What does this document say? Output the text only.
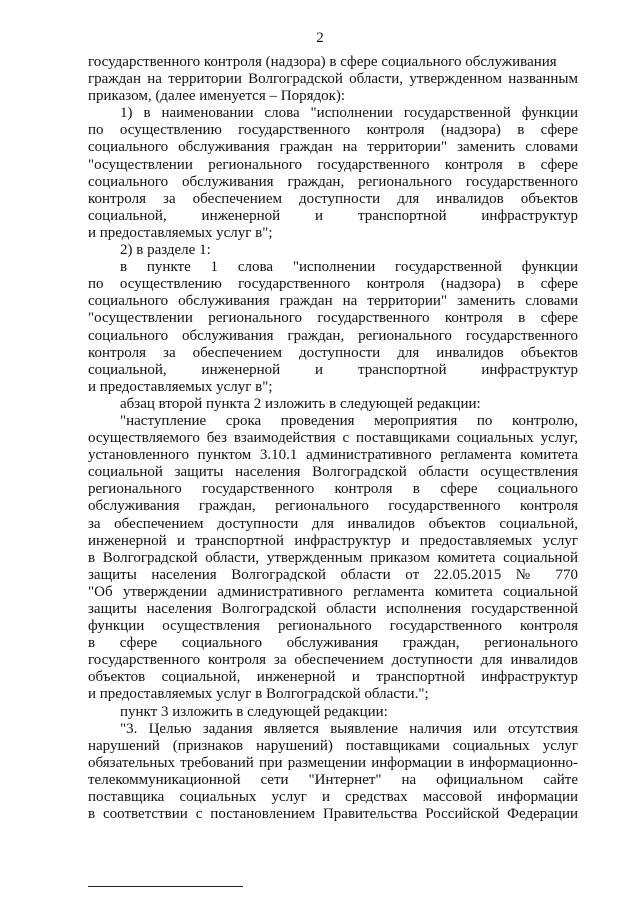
2
государственного контроля (надзора) в сфере социального обслуживания
граждан на территории Волгоградской области, утвержденном названным
приказом, (далее именуется – Порядок):
1) в наименовании слова "исполнении государственной функции
по осуществлению государственного контроля (надзора) в сфере
социального обслуживания граждан на территории" заменить словами
"осуществлении регионального государственного контроля в сфере
социального обслуживания граждан, регионального государственного
контроля за обеспечением доступности для инвалидов объектов
социальной, инженерной и транспортной инфраструктур
и предоставляемых услуг в";
2) в разделе 1:
в пункте 1 слова "исполнении государственной функции
по осуществлению государственного контроля (надзора) в сфере
социального обслуживания граждан на территории" заменить словами
"осуществлении регионального государственного контроля в сфере
социального обслуживания граждан, регионального государственного
контроля за обеспечением доступности для инвалидов объектов
социальной, инженерной и транспортной инфраструктур
и предоставляемых услуг в";
абзац второй пункта 2 изложить в следующей редакции:
"наступление срока проведения мероприятия по контролю,
осуществляемого без взаимодействия с поставщиками социальных услуг,
установленного пунктом 3.10.1 административного регламента комитета
социальной защиты населения Волгоградской области осуществления
регионального государственного контроля в сфере социального
обслуживания граждан, регионального государственного контроля
за обеспечением доступности для инвалидов объектов социальной,
инженерной и транспортной инфраструктур и предоставляемых услуг
в Волгоградской области, утвержденным приказом комитета социальной
защиты населения Волгоградской области от 22.05.2015 № 770
"Об утверждении административного регламента комитета социальной
защиты населения Волгоградской области исполнения государственной
функции осуществления регионального государственного контроля
в сфере социального обслуживания граждан, регионального
государственного контроля за обеспечением доступности для инвалидов
объектов социальной, инженерной и транспортной инфраструктур
и предоставляемых услуг в Волгоградской области.";
пункт 3 изложить в следующей редакции:
"3. Целью задания является выявление наличия или отсутствия
нарушений (признаков нарушений) поставщиками социальных услуг
обязательных требований при размещении информации в информационно-
телекоммуникационной сети "Интернет" на официальном сайте
поставщика социальных услуг и средствах массовой информации
в соответствии с постановлением Правительства Российской Федерации
